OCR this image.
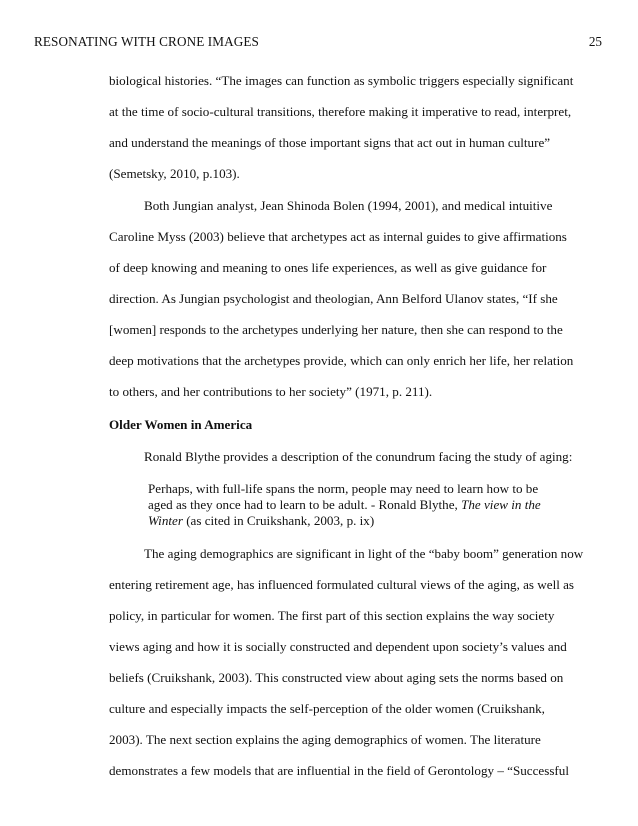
RESONATING WITH CRONE IMAGES	25
biological histories. “The images can function as symbolic triggers especially significant
at the time of socio-cultural transitions, therefore making it imperative to read, interpret,
and understand the meanings of those important signs that act out in human culture”
(Semetsky, 2010, p.103).
Both Jungian analyst, Jean Shinoda Bolen (1994, 2001), and medical intuitive
Caroline Myss (2003) believe that archetypes act as internal guides to give affirmations
of deep knowing and meaning to ones life experiences, as well as give guidance for
direction. As Jungian psychologist and theologian, Ann Belford Ulanov states, “If she
[women] responds to the archetypes underlying her nature, then she can respond to the
deep motivations that the archetypes provide, which can only enrich her life, her relation
to others, and her contributions to her society” (1971, p. 211).
Older Women in America
Ronald Blythe provides a description of the conundrum facing the study of aging:
Perhaps, with full-life spans the norm, people may need to learn how to be
aged as they once had to learn to be adult. - Ronald Blythe, The view in the
Winter (as cited in Cruikshank, 2003, p. ix)
The aging demographics are significant in light of the “baby boom” generation now
entering retirement age, has influenced formulated cultural views of the aging, as well as
policy, in particular for women. The first part of this section explains the way society
views aging and how it is socially constructed and dependent upon society’s values and
beliefs (Cruikshank, 2003). This constructed view about aging sets the norms based on
culture and especially impacts the self-perception of the older women (Cruikshank,
2003). The next section explains the aging demographics of women. The literature
demonstrates a few models that are influential in the field of Gerontology – “Successful
